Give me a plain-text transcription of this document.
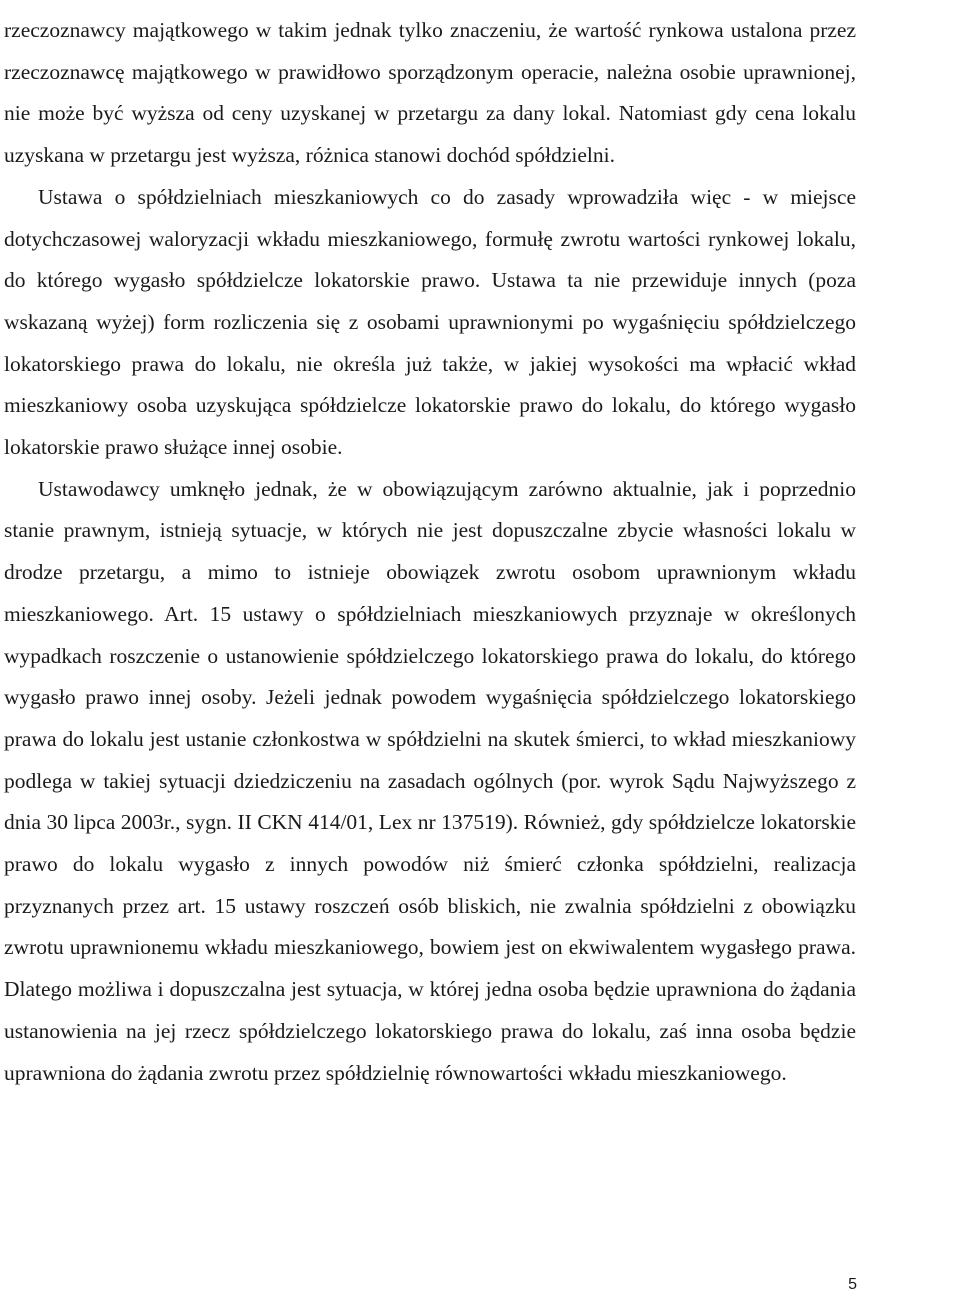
rzeczoznawcy majątkowego w takim jednak tylko znaczeniu, że wartość rynkowa ustalona przez rzeczoznawcę majątkowego w prawidłowo sporządzonym operacie, należna osobie uprawnionej, nie może być wyższa od ceny uzyskanej w przetargu za dany lokal. Natomiast gdy cena lokalu uzyskana w przetargu jest wyższa, różnica stanowi dochód spółdzielni.

Ustawa o spółdzielniach mieszkaniowych co do zasady wprowadziła więc - w miejsce dotychczasowej waloryzacji wkładu mieszkaniowego, formułę zwrotu wartości rynkowej lokalu, do którego wygasło spółdzielcze lokatorskie prawo. Ustawa ta nie przewiduje innych (poza wskazaną wyżej) form rozliczenia się z osobami uprawnionymi po wygaśnięciu spółdzielczego lokatorskiego prawa do lokalu, nie określa już także, w jakiej wysokości ma wpłacić wkład mieszkaniowy osoba uzyskująca spółdzielcze lokatorskie prawo do lokalu, do którego wygasło lokatorskie prawo służące innej osobie.

Ustawodawcy umknęło jednak, że w obowiązującym zarówno aktualnie, jak i poprzednio stanie prawnym, istnieją sytuacje, w których nie jest dopuszczalne zbycie własności lokalu w drodze przetargu, a mimo to istnieje obowiązek zwrotu osobom uprawnionym wkładu mieszkaniowego. Art. 15 ustawy o spółdzielniach mieszkaniowych przyznaje w określonych wypadkach roszczenie o ustanowienie spółdzielczego lokatorskiego prawa do lokalu, do którego wygasło prawo innej osoby. Jeżeli jednak powodem wygaśnięcia spółdzielczego lokatorskiego prawa do lokalu jest ustanie członkostwa w spółdzielni na skutek śmierci, to wkład mieszkaniowy podlega w takiej sytuacji dziedziczeniu na zasadach ogólnych (por. wyrok Sądu Najwyższego z dnia 30 lipca 2003r., sygn. II CKN 414/01, Lex nr 137519). Również, gdy spółdzielcze lokatorskie prawo do lokalu wygasło z innych powodów niż śmierć członka spółdzielni, realizacja przyznanych przez art. 15 ustawy roszczeń osób bliskich, nie zwalnia spółdzielni z obowiązku zwrotu uprawnionemu wkładu mieszkaniowego, bowiem jest on ekwiwalentem wygasłego prawa. Dlatego możliwa i dopuszczalna jest sytuacja, w której jedna osoba będzie uprawniona do żądania ustanowienia na jej rzecz spółdzielczego lokatorskiego prawa do lokalu, zaś inna osoba będzie uprawniona do żądania zwrotu przez spółdzielnię równowartości wkładu mieszkaniowego.

5
